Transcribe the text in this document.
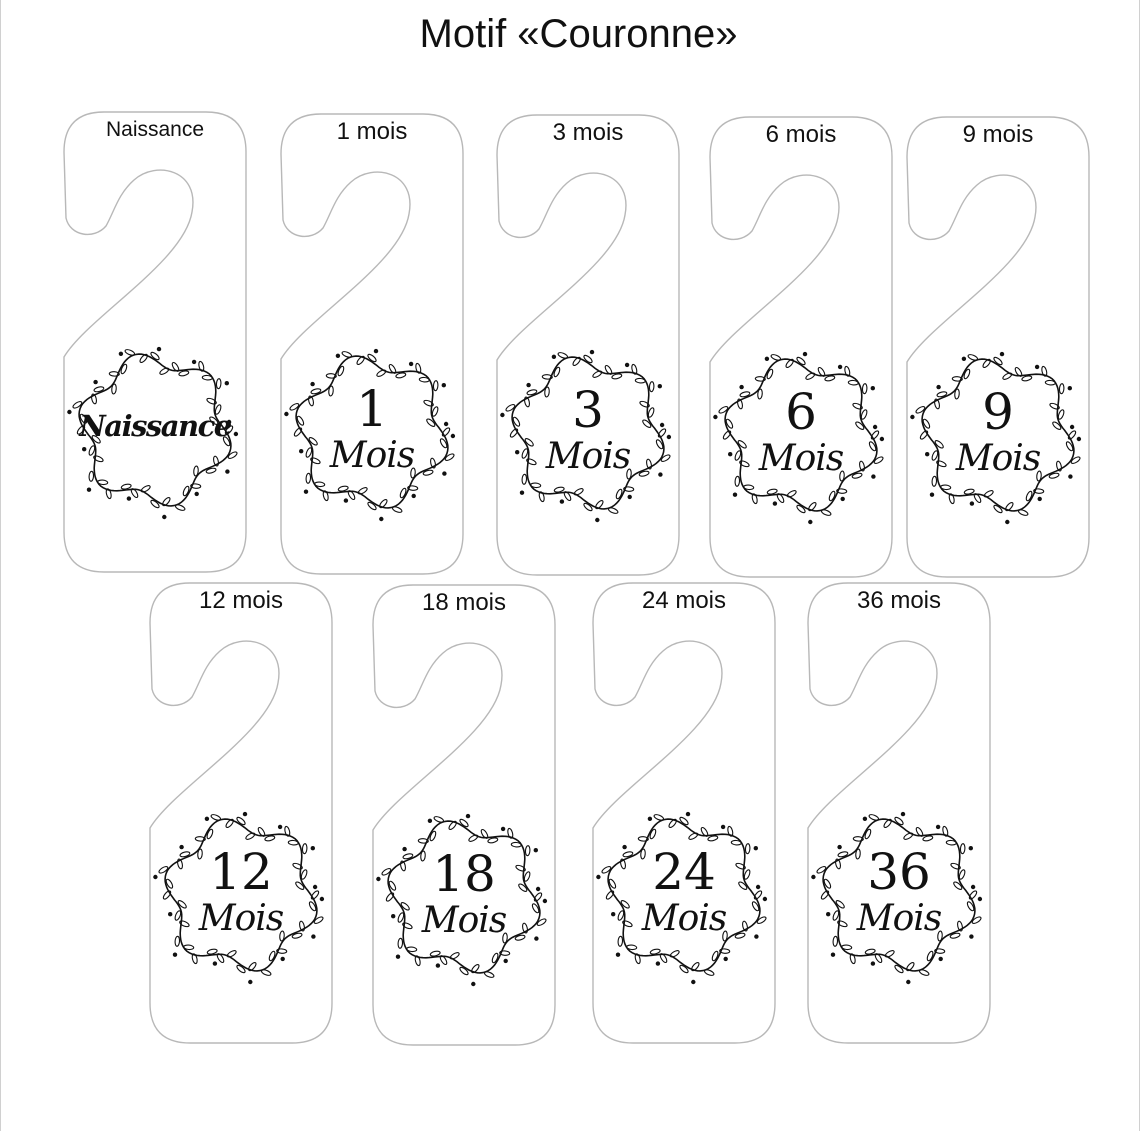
Motif «Couronne»
Naissance
Naissance
1 mois
1
Mois
3 mois
3
Mois
6 mois
6
Mois
9 mois
9
Mois
12 mois
12
Mois
18 mois
18
Mois
24 mois
24
Mois
36 mois
36
Mois
